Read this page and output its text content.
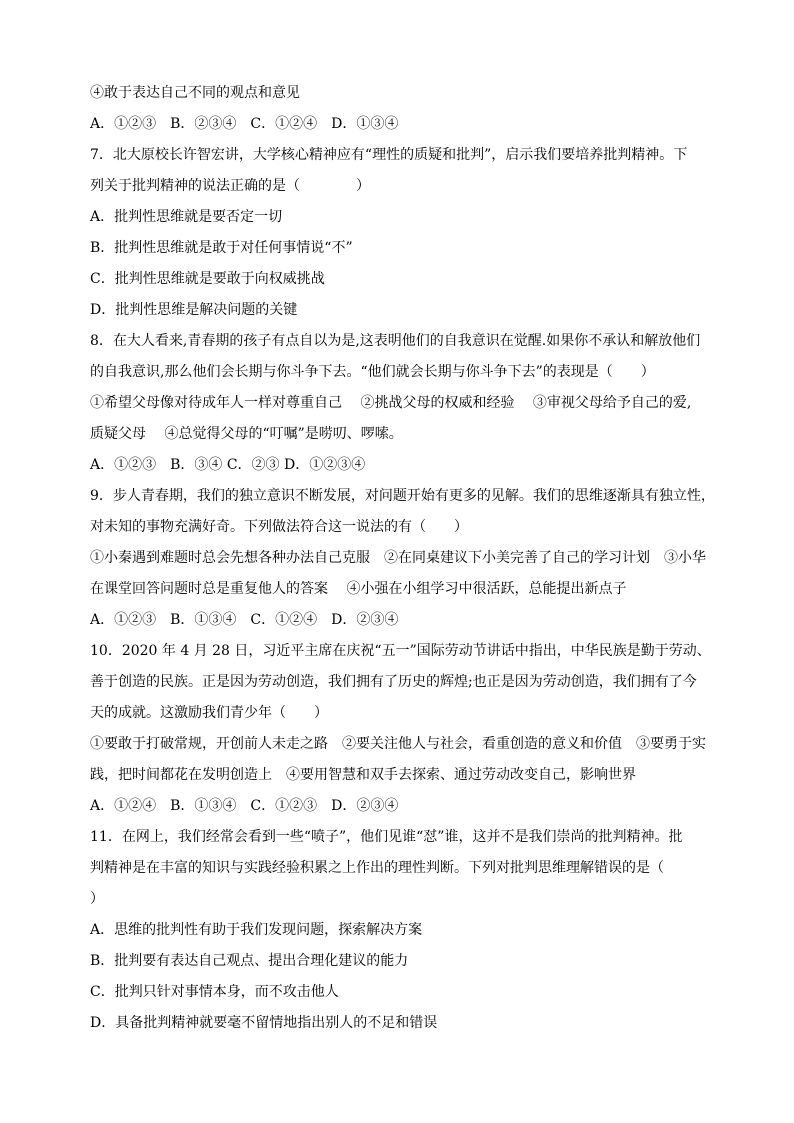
④敢于表达自己不同的观点和意见
A．①②③　B．②③④　C．①②④　D．①③④
7．北大原校长许智宏讲，大学核心精神应有“理性的质疑和批判”，启示我们要培养批判精神。下
列关于批判精神的说法正确的是（　　　　）
A．批判性思维就是要否定一切
B．批判性思维就是敢于对任何事情说“不”
C．批判性思维就是要敢于向权威挑战
D．批判性思维是解决问题的关键
8．在大人看来,青春期的孩子有点自以为是,这表明他们的自我意识在觉醒.如果你不承认和解放他们
的自我意识,那么他们会长期与你斗争下去。“他们就会长期与你斗争下去”的表现是（　　）
①希望父母像对待成年人一样对尊重自己　 ②挑战父母的权威和经验　 ③审视父母给予自己的爱,
质疑父母　 ④总觉得父母的“叮嘱”是唠叨、啰嗦。
A．①②③　B．③④ C．②③ D．①②③④
9．步人青春期，我们的独立意识不断发展，对问题开始有更多的见解。我们的思维逐渐具有独立性，
对未知的事物充满好奇。下列做法符合这一说法的有（　　）
①小秦遇到难题时总会先想各种办法自己克服　②在同桌建议下小美完善了自己的学习计划　③小华
在课堂回答问题时总是重复他人的答案　 ④小强在小组学习中很活跃，总能提出新点子
A．①②③　B．①③④　C．①②④　D．②③④
10．2020 年 4 月 28 日，习近平主席在庆祝“五一”国际劳动节讲话中指出，中华民族是勤于劳动、
善于创造的民族。正是因为劳动创造，我们拥有了历史的辉煌;也正是因为劳动创造，我们拥有了今
天的成就。这激励我们青少年（　　）
①要敢于打破常规，开创前人未走之路　②要关注他人与社会，看重创造的意义和价值　③要勇于实
践，把时间都花在发明创造上　④要用智慧和双手去探索、通过劳动改变自己，影响世界
A．①②④　B．①③④　C．①②③　D．②③④
11．在网上，我们经常会看到一些“喷子”，他们见谁“怼”谁，这并不是我们崇尚的批判精神。批
判精神是在丰富的知识与实践经验积累之上作出的理性判断。下列对批判思维理解错误的是（
）
A．思维的批判性有助于我们发现问题，探索解决方案
B．批判要有表达自己观点、提出合理化建议的能力
C．批判只针对事情本身，而不攻击他人
D．具备批判精神就要毫不留情地指出别人的不足和错误
